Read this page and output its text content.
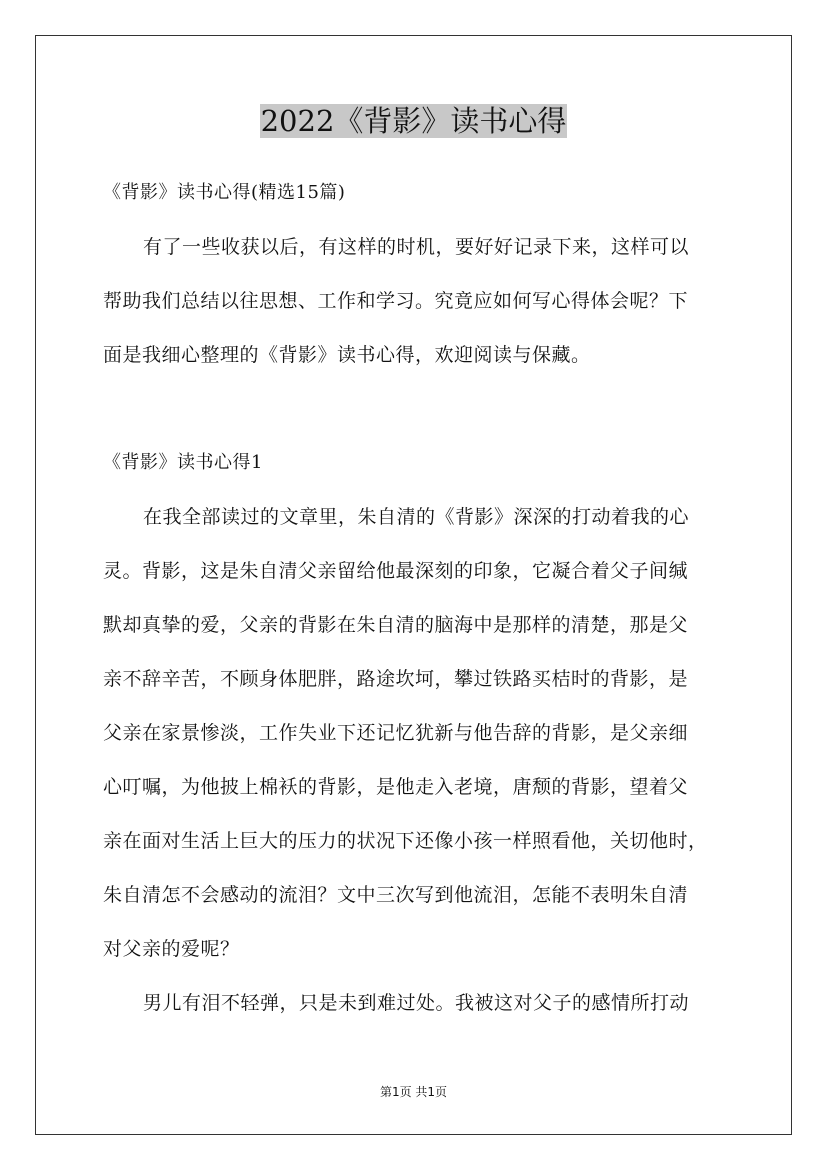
2022《背影》读书心得

《背影》读书心得(精选15篇)

有了一些收获以后，有这样的时机，要好好记录下来，这样可以

帮助我们总结以往思想、工作和学习。究竟应如何写心得体会呢？下

面是我细心整理的《背影》读书心得，欢迎阅读与保藏。

《背影》读书心得1

在我全部读过的文章里，朱自清的《背影》深深的打动着我的心

灵。背影，这是朱自清父亲留给他最深刻的印象，它凝合着父子间缄

默却真挚的爱，父亲的背影在朱自清的脑海中是那样的清楚，那是父

亲不辞辛苦，不顾身体肥胖，路途坎坷，攀过铁路买桔时的背影，是

父亲在家景惨淡，工作失业下还记忆犹新与他告辞的背影，是父亲细

心叮嘱，为他披上棉袄的背影，是他走入老境，唐颓的背影，望着父

亲在面对生活上巨大的压力的状况下还像小孩一样照看他，关切他时，

朱自清怎不会感动的流泪？文中三次写到他流泪，怎能不表明朱自清

对父亲的爱呢？

男儿有泪不轻弹，只是未到难过处。我被这对父子的感情所打动

第1页 共1页
